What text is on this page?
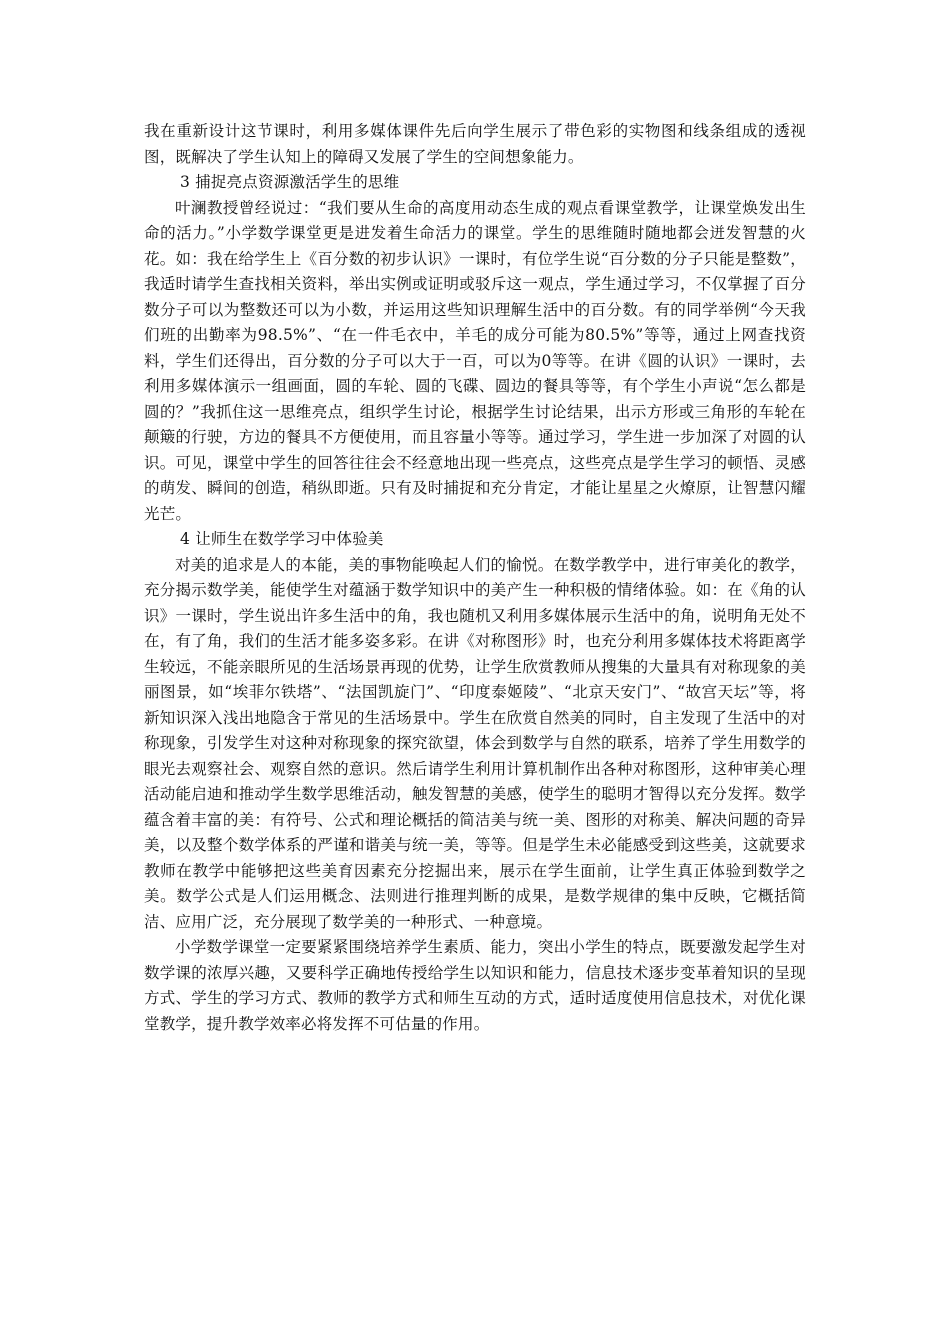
我在重新设计这节课时，利用多媒体课件先后向学生展示了带色彩的实物图和线条组成的透视图，既解决了学生认知上的障碍又发展了学生的空间想象能力。

3 捕捉亮点资源激活学生的思维

叶澜教授曾经说过：“我们要从生命的高度用动态生成的观点看课堂教学，让课堂焕发出生命的活力。”小学数学课堂更是进发着生命活力的课堂。学生的思维随时随地都会迸发智慧的火花。如：我在给学生上《百分数的初步认识》一课时，有位学生说“百分数的分子只能是整数”，我适时请学生查找相关资料，举出实例或证明或驳斥这一观点，学生通过学习，不仅掌握了百分数分子可以为整数还可以为小数，并运用这些知识理解生活中的百分数。有的同学举例“今天我们班的出勤率为98.5%”、“在一件毛衣中，羊毛的成分可能为80.5%”等等，通过上网查找资料，学生们还得出，百分数的分子可以大于一百，可以为0等等。在讲《圆的认识》一课时，去利用多媒体演示一组画面，圆的车轮、圆的飞碟、圆边的餐具等等，有个学生小声说“怎么都是圆的？”我抓住这一思维亮点，组织学生讨论，根据学生讨论结果，出示方形或三角形的车轮在颠簸的行驶，方边的餐具不方便使用，而且容量小等等。通过学习，学生进一步加深了对圆的认识。可见，课堂中学生的回答往往会不经意地出现一些亮点，这些亮点是学生学习的顿悟、灵感的萌发、瞬间的创造，稍纵即逝。只有及时捕捉和充分肯定，才能让星星之火燎原，让智慧闪耀光芒。

4 让师生在数学学习中体验美

对美的追求是人的本能，美的事物能唤起人们的愉悦。在数学教学中，进行审美化的教学，充分揭示数学美，能使学生对蕴涵于数学知识中的美产生一种积极的情绪体验。如：在《角的认识》一课时，学生说出许多生活中的角，我也随机又利用多媒体展示生活中的角，说明角无处不在，有了角，我们的生活才能多姿多彩。在讲《对称图形》时，也充分利用多媒体技术将距离学生较远，不能亲眼所见的生活场景再现的优势，让学生欣赏教师从搜集的大量具有对称现象的美丽图景，如“埃菲尔铁塔”、“法国凯旋门”、“印度泰姬陵”、“北京天安门”、“故宫天坛”等，将新知识深入浅出地隐含于常见的生活场景中。学生在欣赏自然美的同时，自主发现了生活中的对称现象，引发学生对这种对称现象的探究欲望，体会到数学与自然的联系，培养了学生用数学的眼光去观察社会、观察自然的意识。然后请学生利用计算机制作出各种对称图形，这种审美心理活动能启迪和推动学生数学思维活动，触发智慧的美感，使学生的聪明才智得以充分发挥。数学蕴含着丰富的美：有符号、公式和理论概括的简洁美与统一美、图形的对称美、解决问题的奇异美，以及整个数学体系的严谨和谐美与统一美，等等。但是学生未必能感受到这些美，这就要求教师在教学中能够把这些美育因素充分挖掘出来，展示在学生面前，让学生真正体验到数学之美。数学公式是人们运用概念、法则进行推理判断的成果，是数学规律的集中反映，它概括简洁、应用广泛，充分展现了数学美的一种形式、一种意境。

小学数学课堂一定要紧紧围绕培养学生素质、能力，突出小学生的特点，既要激发起学生对数学课的浓厚兴趣，又要科学正确地传授给学生以知识和能力，信息技术逐步变革着知识的呈现方式、学生的学习方式、教师的教学方式和师生互动的方式，适时适度使用信息技术，对优化课堂教学，提升教学效率必将发挥不可估量的作用。
